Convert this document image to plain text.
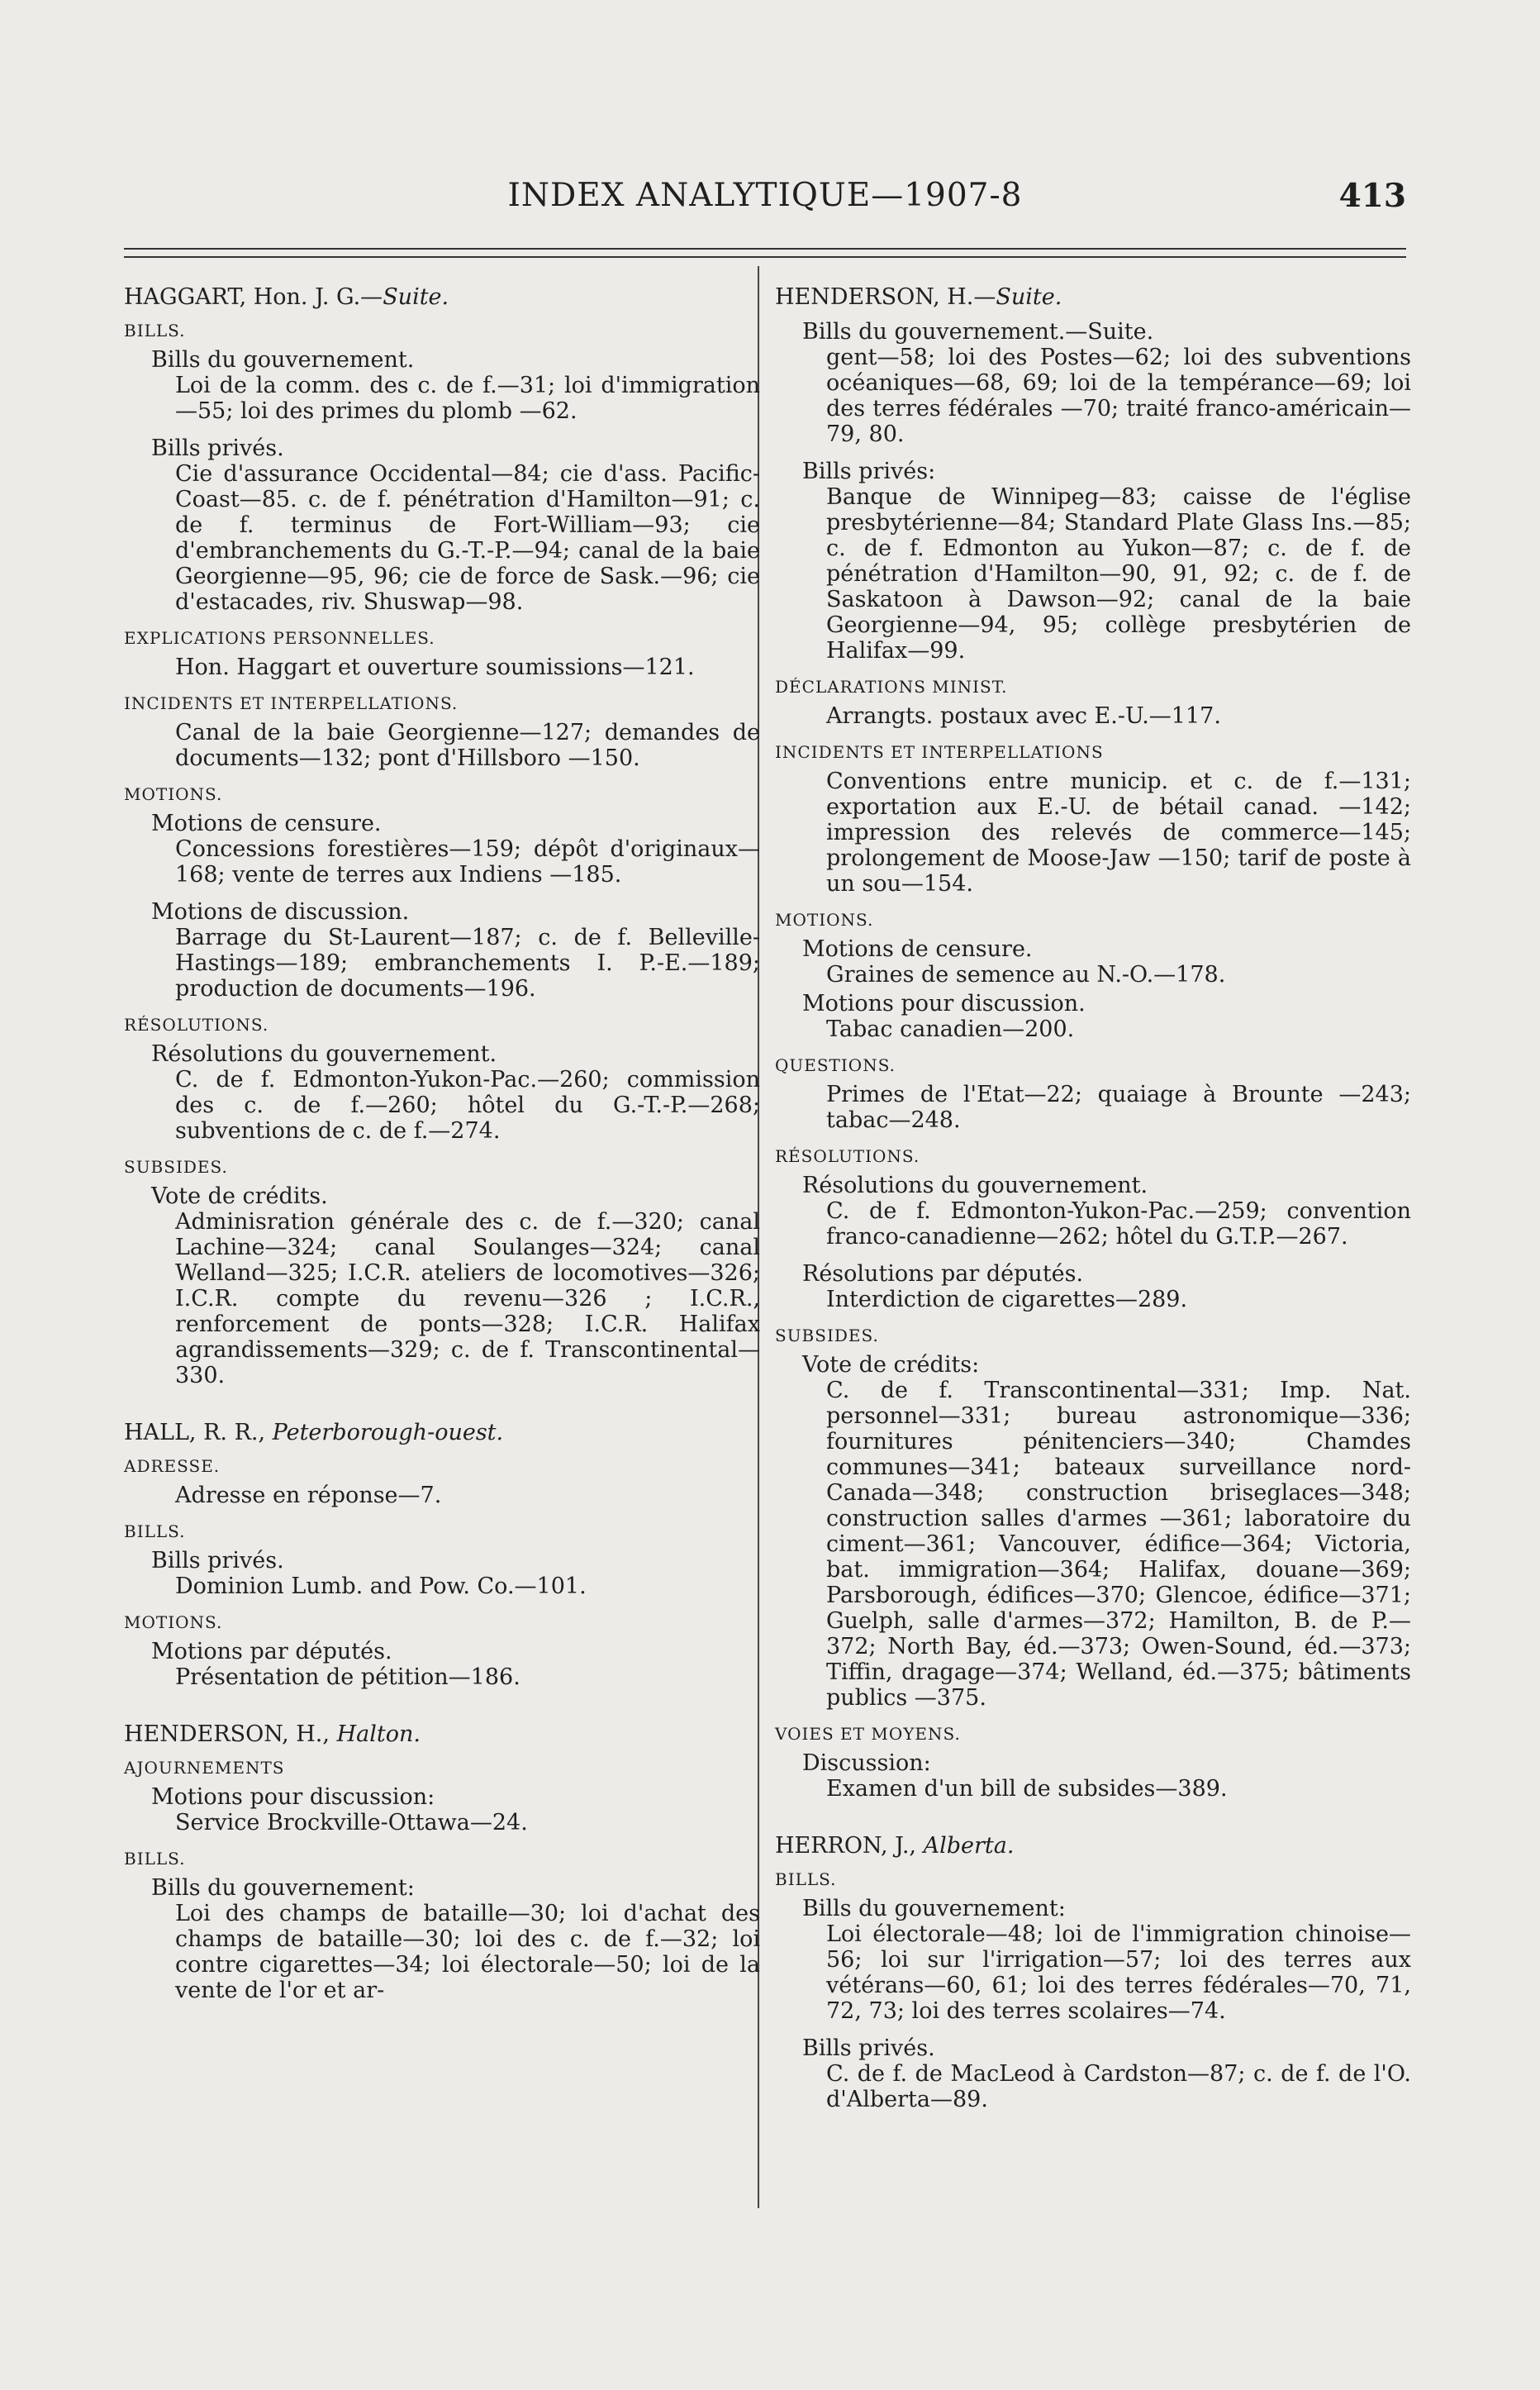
INDEX ANALYTIQUE—1907-8	413
HAGGART, Hon. J. G.—Suite.
BILLS.
Bills du gouvernement.
Loi de la comm. des c. de f.—31; loi d'immigration—55; loi des primes du plomb —62.
Bills privés.
Cie d'assurance Occidental—84; cie d'ass. Pacific-Coast—85. c. de f. pénétration d'Hamilton—91; c. de f. terminus de Fort-William—93; cie d'embranchements du G.-T.-P.—94; canal de la baie Georgienne—95, 96; cie de force de Sask.—96; cie d'estacades, riv. Shuswap—98.
EXPLICATIONS PERSONNELLES.
Hon. Haggart et ouverture soumissions—121.
INCIDENTS ET INTERPELLATIONS.
Canal de la baie Georgienne—127; demandes de documents—132; pont d'Hillsboro —150.
MOTIONS.
Motions de censure.
Concessions forestières—159; dépôt d'originaux—168; vente de terres aux Indiens —185.
Motions de discussion.
Barrage du St-Laurent—187; c. de f. Belleville-Hastings—189; embranchements I. P.-E.—189; production de documents—196.
RÉSOLUTIONS.
Résolutions du gouvernement.
C. de f. Edmonton-Yukon-Pac.—260; commission des c. de f.—260; hôtel du G.-T.-P.—268; subventions de c. de f.—274.
SUBSIDES.
Vote de crédits.
Adminisration générale des c. de f.—320; canal Lachine—324; canal Soulanges—324; canal Welland—325; I.C.R. ateliers de locomotives—326; I.C.R. compte du revenu—326 ; I.C.R., renforcement de ponts—328; I.C.R. Halifax agrandissements—329; c. de f. Transcontinental—330.
HALL, R. R., Peterborough-ouest.
ADRESSE.
Adresse en réponse—7.
BILLS.
Bills privés.
Dominion Lumb. and Pow. Co.—101.
MOTIONS.
Motions par députés.
Présentation de pétition—186.
HENDERSON, H., Halton.
AJOURNEMENTS
Motions pour discussion:
Service Brockville-Ottawa—24.
BILLS.
Bills du gouvernement:
Loi des champs de bataille—30; loi d'achat des champs de bataille—30; loi des c. de f.—32; loi contre cigarettes—34; loi électorale—50; loi de la vente de l'or et ar-
HENDERSON, H.—Suite.
Bills du gouvernement.—Suite.
gent—58; loi des Postes—62; loi des subventions océaniques—68, 69; loi de la tempérance—69; loi des terres fédérales —70; traité franco-américain—79, 80.
Bills privés:
Banque de Winnipeg—83; caisse de l'église presbytérienne—84; Standard Plate Glass Ins.—85; c. de f. Edmonton au Yukon—87; c. de f. de pénétration d'Hamilton—90, 91, 92; c. de f. de Saskatoon à Dawson—92; canal de la baie Georgienne—94, 95; collège presbytérien de Halifax—99.
DÉCLARATIONS MINIST.
Arrangts. postaux avec E.-U.—117.
INCIDENTS ET INTERPELLATIONS
Conventions entre municip. et c. de f.—131; exportation aux E.-U. de bétail canad. —142; impression des relevés de commerce—145; prolongement de Moose-Jaw —150; tarif de poste à un sou—154.
MOTIONS.
Motions de censure.
Graines de semence au N.-O.—178.
Motions pour discussion.
Tabac canadien—200.
QUESTIONS.
Primes de l'Etat—22; quaiage à Brounte —243; tabac—248.
RÉSOLUTIONS.
Résolutions du gouvernement.
C. de f. Edmonton-Yukon-Pac.—259; convention franco-canadienne—262; hôtel du G.T.P.—267.
Résolutions par députés.
Interdiction de cigarettes—289.
SUBSIDES.
Vote de crédits:
C. de f. Transcontinental—331; Imp. Nat. personnel—331; bureau astronomique—336; fournitures pénitenciers—340; Chamdes communes—341; bateaux surveillance nord-Canada—348; construction briseglaces—348; construction salles d'armes —361; laboratoire du ciment—361; Vancouver, édifice—364; Victoria, bat. immigration—364; Halifax, douane—369; Parsborough, édifices—370; Glencoe, édifice—371; Guelph, salle d'armes—372; Hamilton, B. de P.—372; North Bay, éd.—373; Owen-Sound, éd.—373; Tiffin, dragage—374; Welland, éd.—375; bâtiments publics —375.
VOIES ET MOYENS.
Discussion:
Examen d'un bill de subsides—389.
HERRON, J., Alberta.
BILLS.
Bills du gouvernement:
Loi électorale—48; loi de l'immigration chinoise—56; loi sur l'irrigation—57; loi des terres aux vétérans—60, 61; loi des terres fédérales—70, 71, 72, 73; loi des terres scolaires—74.
Bills privés.
C. de f. de MacLeod à Cardston—87; c. de f. de l'O. d'Alberta—89.
